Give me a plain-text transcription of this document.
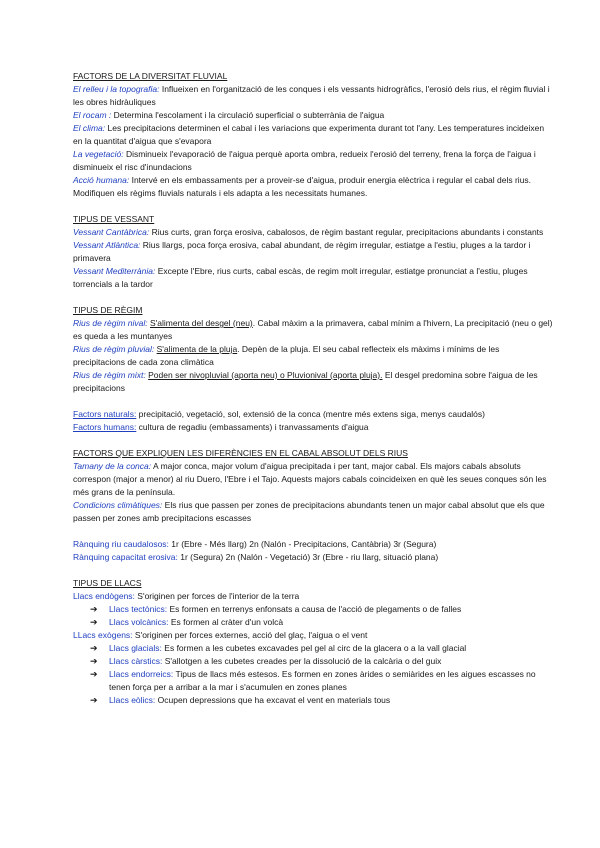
FACTORS DE LA DIVERSITAT FLUVIAL

El relleu i la topografia: Influeixen en l'organització de les conques i els vessants hidrogràfics, l'erosió dels rius, el règim fluvial i les obres hidràuliques

El rocam : Determina l'escolament i la circulació superficial o subterrània de l'aigua

El clima: Les precipitacions determinen el cabal i les variacions que experimenta durant tot l'any. Les temperatures incideixen en la quantitat d'aigua que s'evapora

La vegetació: Disminueix l'evaporació de l'aigua perquè aporta ombra, redueix l'erosió del terreny, frena la força de l'aigua i disminueix el risc d'inundacions

Acció humana: Intervé en els embassaments per a proveir-se d'aigua, produir energia elèctrica i regular el cabal dels rius. Modifiquen els règims fluvials naturals i els adapta a les necessitats humanes.

TIPUS DE VESSANT

Vessant Cantàbrica: Rius curts, gran força erosiva, cabalosos, de règim bastant regular, precipitacions abundants i constants

Vessant Atlàntica: Rius llargs, poca força erosiva, cabal abundant, de règim irregular, estiatge a l'estiu, pluges a la tardor i primavera

Vessant Mediterrània: Excepte l'Ebre, rius curts, cabal escàs, de regim molt irregular, estiatge pronunciat a l'estiu, pluges torrencials a la tardor

TIPUS DE RÈGIM

Rius de règim nival: S'alimenta del desgel (neu). Cabal màxim a la primavera, cabal mínim a l'hivern, La precipitació (neu o gel) es queda a les muntanyes

Rius de règim pluvial: S'alimenta de la pluja. Depèn de la pluja. El seu cabal reflecteix els màxims i mínims de les precipitacions de cada zona climàtica

Rius de règim mixt: Poden ser nivopluvial (aporta neu) o Pluvionival (aporta pluja). El desgel predomina sobre l'aigua de les precipitacions

Factors naturals: precipitació, vegetació, sol, extensió de la conca (mentre més extens siga, menys caudalós)

Factors humans: cultura de regadiu (embassaments) i tranvassaments d'aigua

FACTORS QUE EXPLIQUEN LES DIFERÈNCIES EN EL CABAL ABSOLUT DELS RIUS

Tamany de la conca: A major conca, major volum d'aigua precipitada i per tant, major cabal. Els majors cabals absoluts correspon (major a menor) al riu Duero, l'Ebre i el Tajo. Aquests majors cabals coincideixen en què les seues conques són les més grans de la península.

Condicions climàtiques: Els rius que passen per zones de precipitacions abundants tenen un major cabal absolut que els que passen per zones amb precipitacions escasses

Rànquing riu caudalosos: 1r (Ebre - Més llarg) 2n (Nalón - Precipitacions, Cantàbria) 3r (Segura)

Rànquing capacitat erosiva: 1r (Segura) 2n (Nalón - Vegetació) 3r (Ebre - riu llarg, situació plana)

TIPUS DE LLACS

Llacs endògens: S'originen per forces de l'interior de la terra

➔ Llacs tectònics: Es formen en terrenys enfonsats a causa de l'acció de plegaments o de falles

➔ Llacs volcànics: Es formen al cràter d'un volcà

LLacs exògens: S'originen per forces externes, acció del glaç, l'aigua o el vent

➔ Llacs glacials: Es formen a les cubetes excavades pel gel al circ de la glacera o a la vall glacial

➔ Llacs càrstics: S'allotgen a les cubetes creades per la dissolució de la calcària o del guix

➔ Llacs endorreics: Tipus de llacs més estesos. Es formen en zones àrides o semiàrides en les aigues escasses no tenen força per a arribar a la mar i s'acumulen en zones planes

➔ Llacs eòlics: Ocupen depressions que ha excavat el vent en materials tous
